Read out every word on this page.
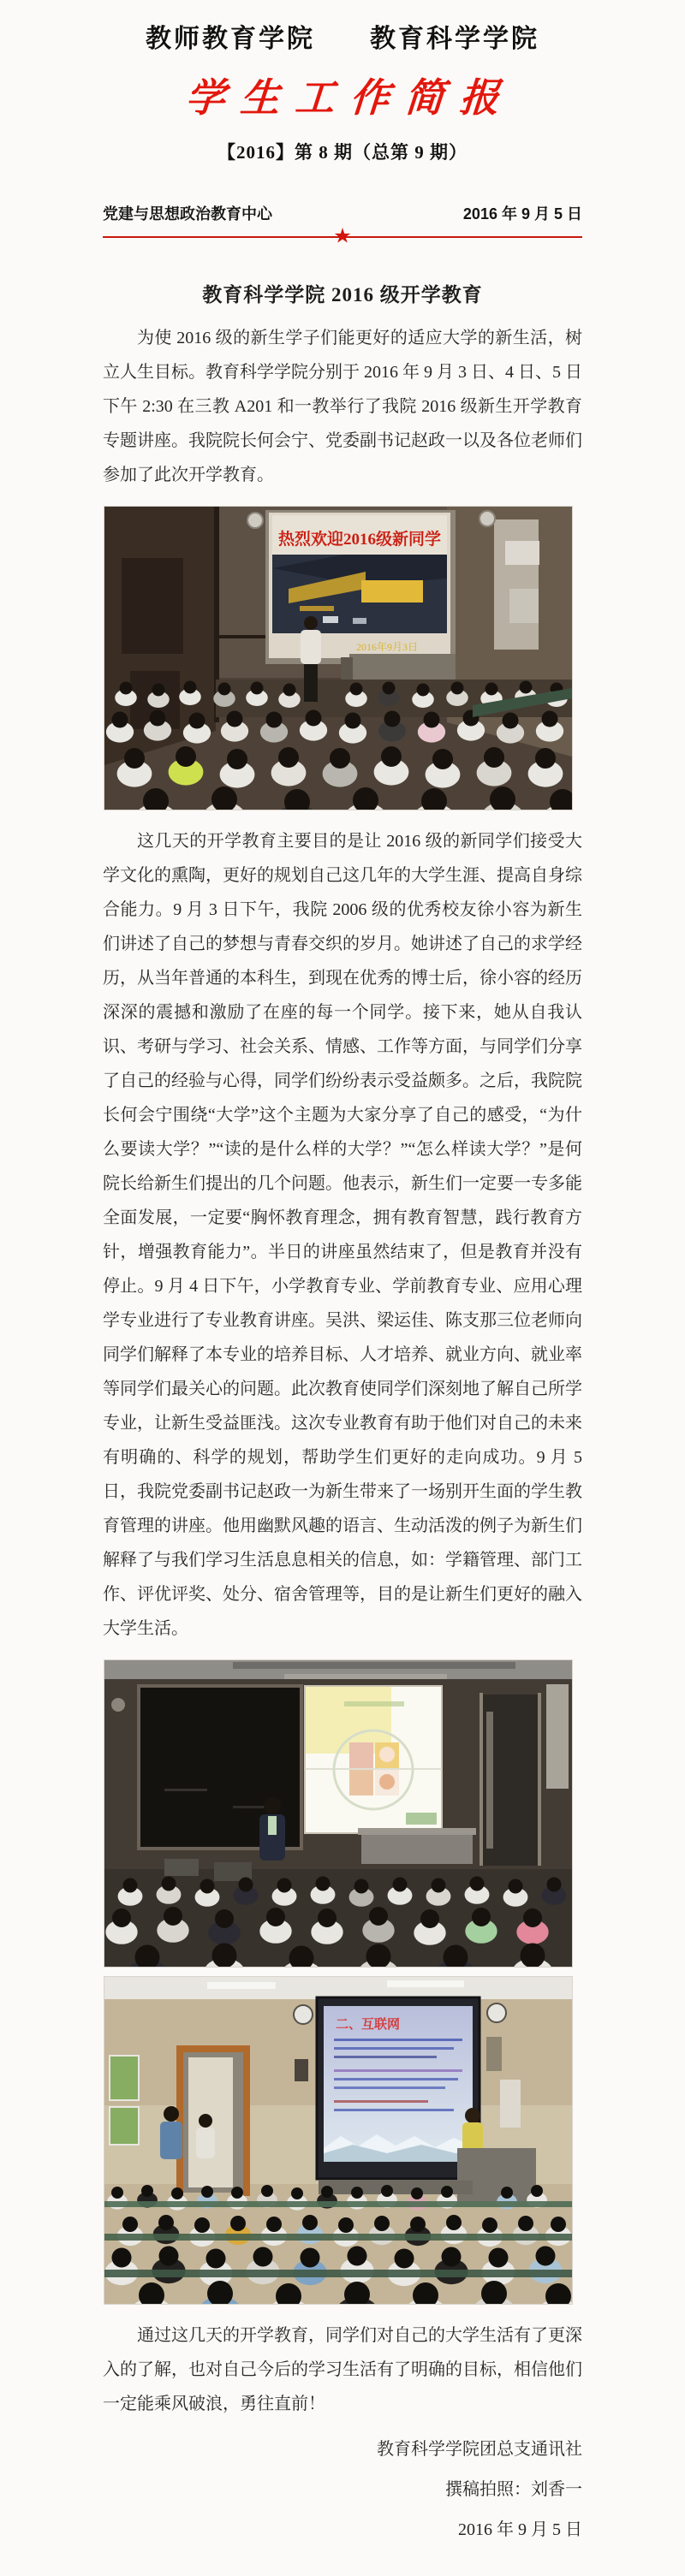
教师教育学院 教育科学学院
学生工作简报
【2016】第 8 期（总第 9 期）
党建与思想政治教育中心	2016 年 9 月 5 日
★
教育科学学院 2016 级开学教育

为使 2016 级的新生学子们能更好的适应大学的新生活，树立人生目标。教育科学学院分别于 2016 年 9 月 3 日、4 日、5 日下午 2:30 在三教 A201 和一教举行了我院 2016 级新生开学教育专题讲座。我院院长何会宁、党委副书记赵政一以及各位老师们参加了此次开学教育。

热烈欢迎2016级新同学
2016年9月3日

这几天的开学教育主要目的是让 2016 级的新同学们接受大学文化的熏陶，更好的规划自己这几年的大学生涯、提高自身综合能力。9 月 3 日下午，我院 2006 级的优秀校友徐小容为新生们讲述了自己的梦想与青春交织的岁月。她讲述了自己的求学经历，从当年普通的本科生，到现在优秀的博士后，徐小容的经历深深的震撼和激励了在座的每一个同学。接下来，她从自我认识、考研与学习、社会关系、情感、工作等方面，与同学们分享了自己的经验与心得，同学们纷纷表示受益颇多。之后，我院院长何会宁围绕“大学”这个主题为大家分享了自己的感受，“为什么要读大学？”“读的是什么样的大学？”“怎么样读大学？”是何院长给新生们提出的几个问题。他表示，新生们一定要一专多能全面发展，一定要“胸怀教育理念，拥有教育智慧，践行教育方针，增强教育能力”。半日的讲座虽然结束了，但是教育并没有停止。9 月 4 日下午，小学教育专业、学前教育专业、应用心理学专业进行了专业教育讲座。吴洪、梁运佳、陈支那三位老师向同学们解释了本专业的培养目标、人才培养、就业方向、就业率等同学们最关心的问题。此次教育使同学们深刻地了解自己所学专业，让新生受益匪浅。这次专业教育有助于他们对自己的未来有明确的、科学的规划，帮助学生们更好的走向成功。9 月 5 日，我院党委副书记赵政一为新生带来了一场别开生面的学生教育管理的讲座。他用幽默风趣的语言、生动活泼的例子为新生们解释了与我们学习生活息息相关的信息，如：学籍管理、部门工作、评优评奖、处分、宿舍管理等，目的是让新生们更好的融入大学生活。

二、互联网

通过这几天的开学教育，同学们对自己的大学生活有了更深入的了解，也对自己今后的学习生活有了明确的目标，相信他们一定能乘风破浪，勇往直前！

教育科学学院团总支通讯社
撰稿拍照：刘香一
2016 年 9 月 5 日
